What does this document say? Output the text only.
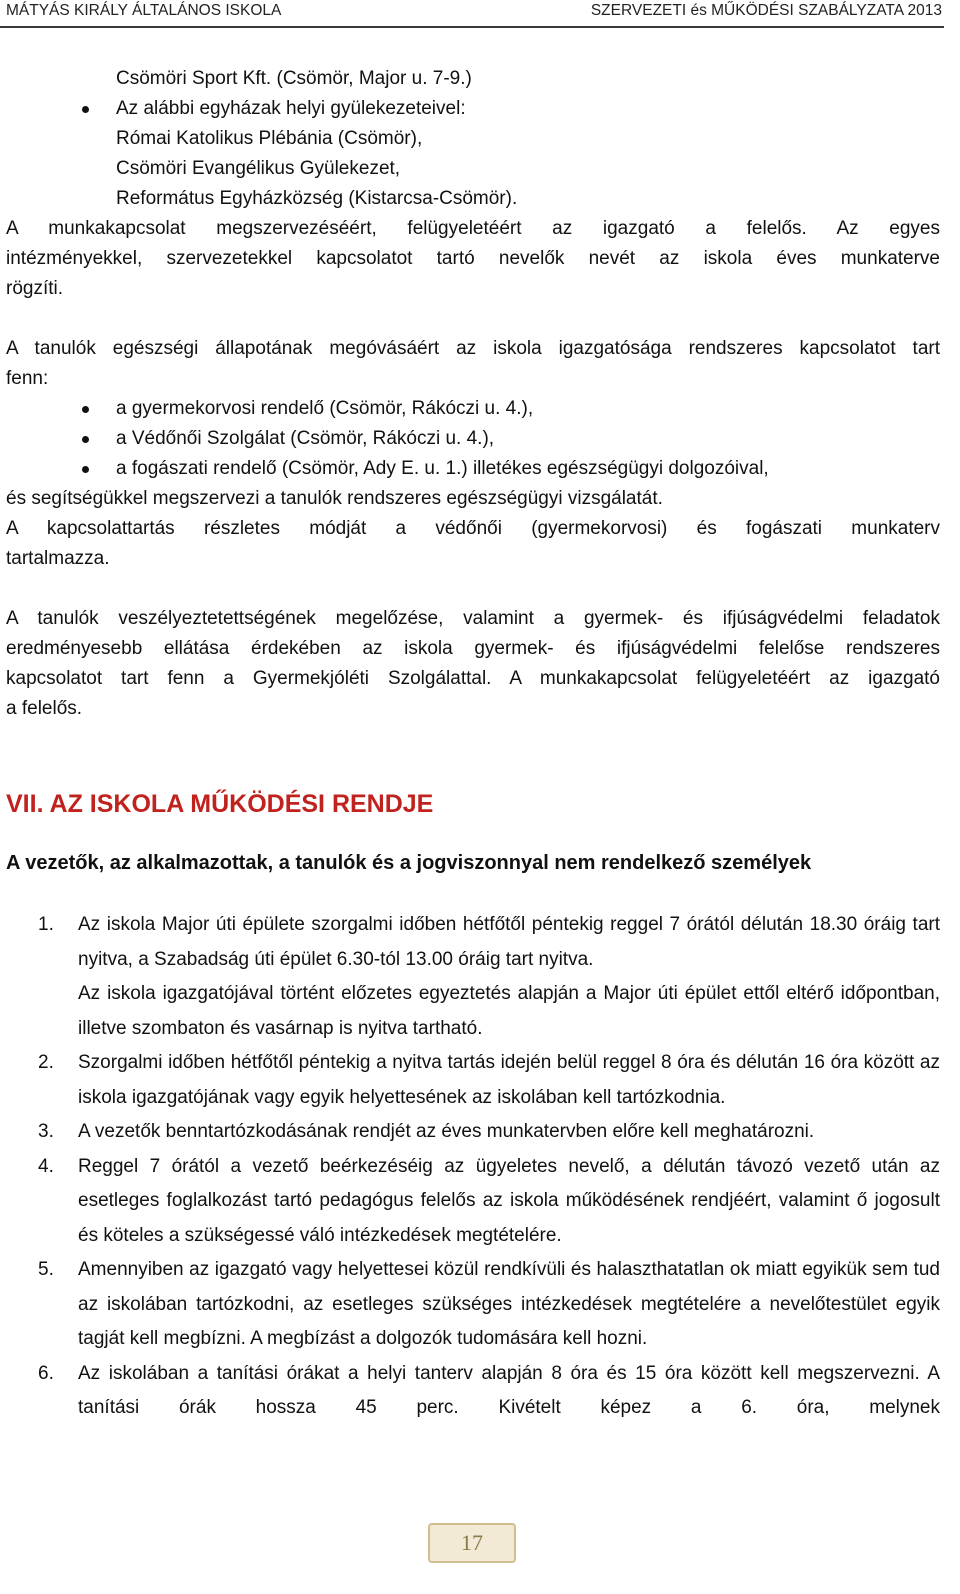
MÁTYÁS KIRÁLY ÁLTALÁNOS ISKOLA	SZERVEZETI és MŰKÖDÉSI SZABÁLYZATA 2013
Csömöri Sport Kft. (Csömör, Major u. 7-9.)
Az alábbi egyházak helyi gyülekezeteivel:
Római Katolikus Plébánia (Csömör),
Csömöri Evangélikus Gyülekezet,
Református Egyházközség (Kistarcsa-Csömör).
A munkakapcsolat megszervezéséért, felügyeletéért az igazgató a felelős. Az egyes
intézményekkel, szervezetekkel kapcsolatot tartó nevelők nevét az iskola éves munkaterve
rögzíti.
A tanulók egészségi állapotának megóvásáért az iskola igazgatósága rendszeres kapcsolatot tart
fenn:
a gyermekorvosi rendelő (Csömör, Rákóczi u. 4.),
a Védőnői Szolgálat (Csömör, Rákóczi u. 4.),
a fogászati rendelő (Csömör, Ady E. u. 1.) illetékes egészségügyi dolgozóival,
és segítségükkel megszervezi a tanulók rendszeres egészségügyi vizsgálatát.
A kapcsolattartás részletes módját a védőnői (gyermekorvosi) és fogászati munkaterv
tartalmazza.
A tanulók veszélyeztetettségének megelőzése, valamint a gyermek- és ifjúságvédelmi feladatok
eredményesebb ellátása érdekében az iskola gyermek- és ifjúságvédelmi felelőse rendszeres
kapcsolatot tart fenn a Gyermekjóléti Szolgálattal. A munkakapcsolat felügyeletéért az igazgató
a felelős.
VII. AZ ISKOLA MŰKÖDÉSI RENDJE
A vezetők, az alkalmazottak, a tanulók és a jogviszonnyal nem rendelkező személyek
1. Az iskola Major úti épülete szorgalmi időben hétfőtől péntekig reggel 7 órától délután 18.30 óráig tart nyitva, a Szabadság úti épület 6.30-tól 13.00 óráig tart nyitva.
Az iskola igazgatójával történt előzetes egyeztetés alapján a Major úti épület ettől eltérő időpontban, illetve szombaton és vasárnap is nyitva tartható.
2. Szorgalmi időben hétfőtől péntekig a nyitva tartás idején belül reggel 8 óra és délután 16 óra között az iskola igazgatójának vagy egyik helyettesének az iskolában kell tartózkodnia.
3. A vezetők benntartózkodásának rendjét az éves munkatervben előre kell meghatározni.
4. Reggel 7 órától a vezető beérkezéséig az ügyeletes nevelő, a délután távozó vezető után az esetleges foglalkozást tartó pedagógus felelős az iskola működésének rendjéért, valamint ő jogosult és köteles a szükségessé váló intézkedések megtételére.
5. Amennyiben az igazgató vagy helyettesei közül rendkívüli és halaszthatatlan ok miatt egyikük sem tud az iskolában tartózkodni, az esetleges szükséges intézkedések megtételére a nevelőtestület egyik tagját kell megbízni. A megbízást a dolgozók tudomására kell hozni.
6. Az iskolában a tanítási órákat a helyi tanterv alapján 8 óra és 15 óra között kell megszervezni. A tanítási órák hossza 45 perc. Kivételt képez a 6. óra, melynek
17
